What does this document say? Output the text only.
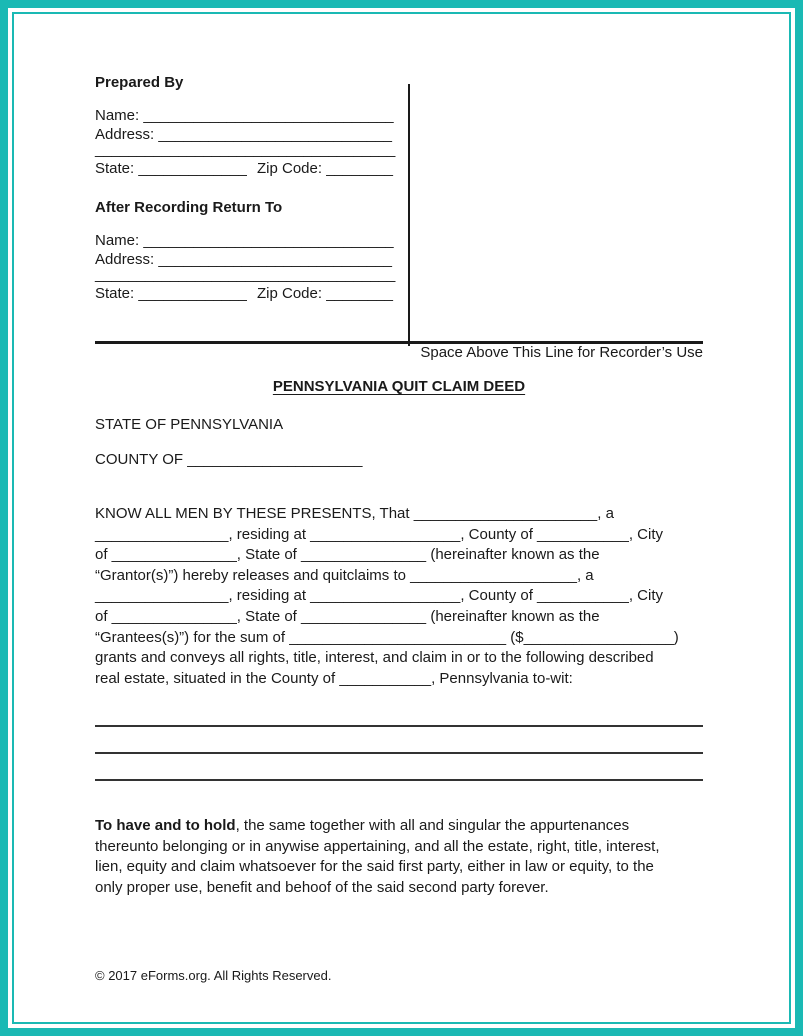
Prepared By
Name: ______________________________
Address: ____________________________
____________________________________
State: _____________ Zip Code: ________
After Recording Return To
Name: ______________________________
Address: ____________________________
____________________________________
State: _____________ Zip Code: ________
Space Above This Line for Recorder’s Use
PENNSYLVANIA QUIT CLAIM DEED
STATE OF PENNSYLVANIA
COUNTY OF _____________________
KNOW ALL MEN BY THESE PRESENTS, That ______________________, a
________________, residing at __________________, County of ___________, City
of _______________, State of _______________ (hereinafter known as the
“Grantor(s)”) hereby releases and quitclaims to ____________________, a
________________, residing at __________________, County of ___________, City
of _______________, State of _______________ (hereinafter known as the
“Grantees(s)”) for the sum of __________________________ ($__________________)
grants and conveys all rights, title, interest, and claim in or to the following described
real estate, situated in the County of ___________, Pennsylvania to-wit:
To have and to hold, the same together with all and singular the appurtenances
thereunto belonging or in anywise appertaining, and all the estate, right, title, interest,
lien, equity and claim whatsoever for the said first party, either in law or equity, to the
only proper use, benefit and behoof of the said second party forever.
© 2017 eForms.org. All Rights Reserved.
